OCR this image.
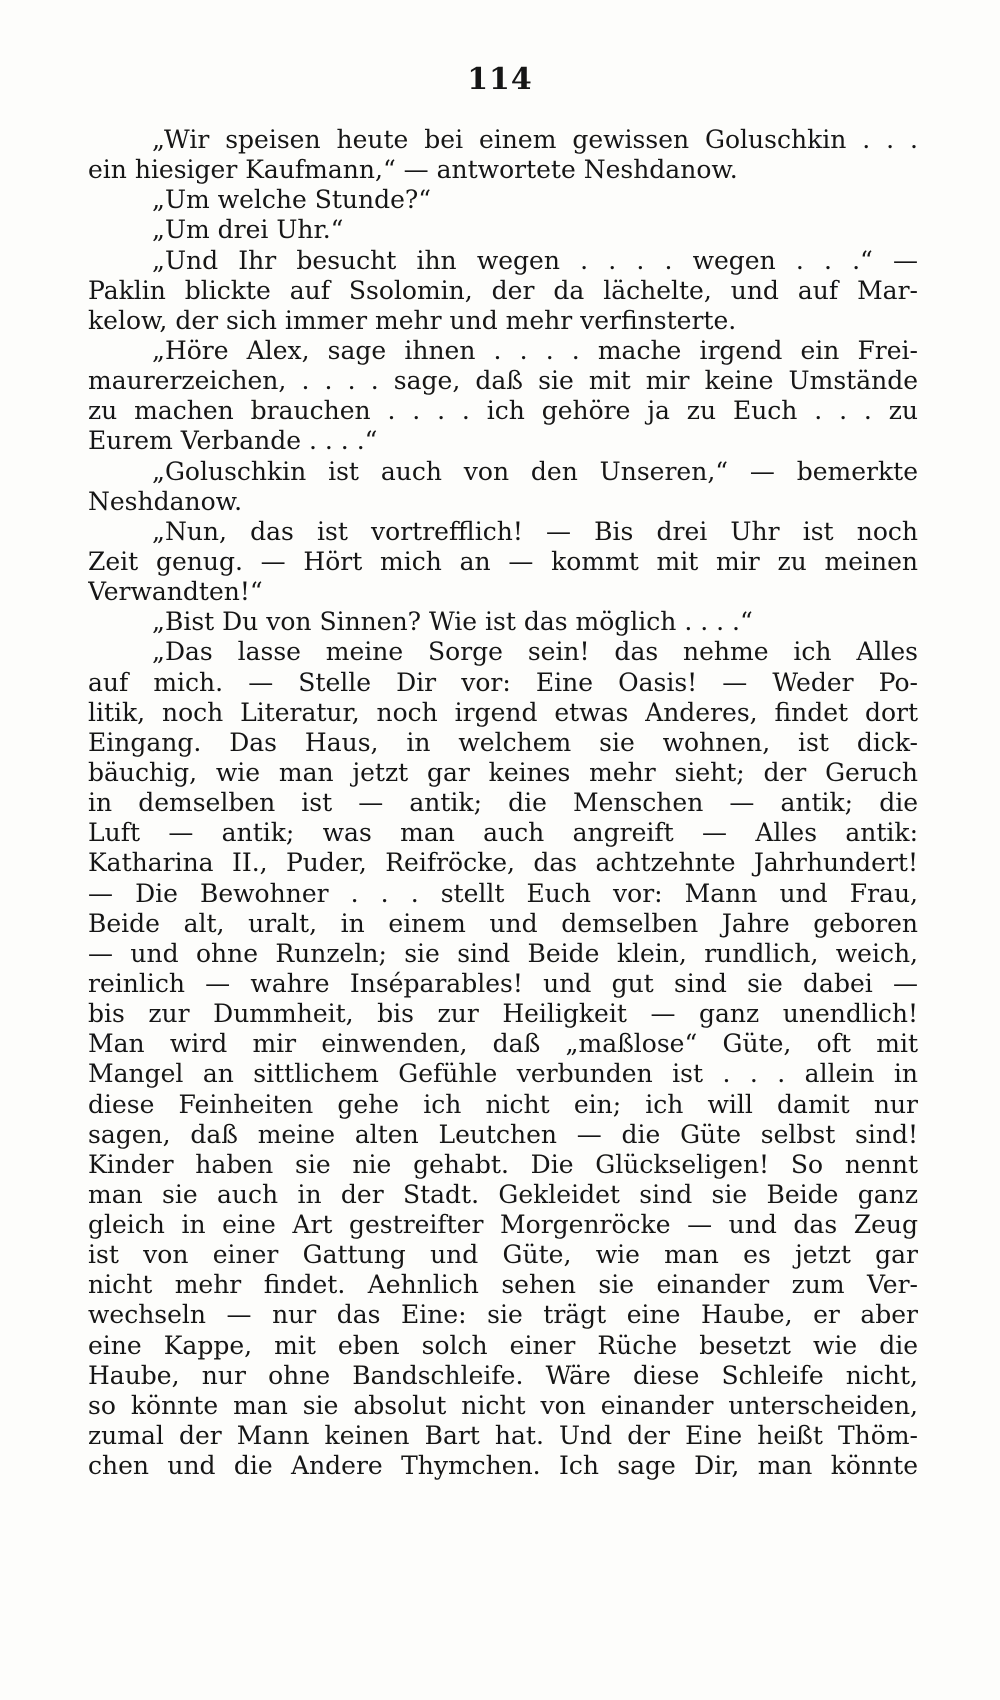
114
„Wir speisen heute bei einem gewissen Goluschkin . . .
ein hiesiger Kaufmann,“ — antwortete Neshdanow.
„Um welche Stunde?“
„Um drei Uhr.“
„Und Ihr besucht ihn wegen . . . . wegen . . .“ —
Paklin blickte auf Ssolomin, der da lächelte, und auf Mar-
kelow, der sich immer mehr und mehr verfinsterte.
„Höre Alex, sage ihnen . . . . mache irgend ein Frei-
maurerzeichen, . . . . sage, daß sie mit mir keine Umstände
zu machen brauchen . . . . ich gehöre ja zu Euch . . . zu
Eurem Verbande . . . .“
„Goluschkin ist auch von den Unseren,“ — bemerkte
Neshdanow.
„Nun, das ist vortrefflich! — Bis drei Uhr ist noch
Zeit genug. — Hört mich an — kommt mit mir zu meinen
Verwandten!“
„Bist Du von Sinnen? Wie ist das möglich . . . .“
„Das lasse meine Sorge sein! das nehme ich Alles
auf mich. — Stelle Dir vor: Eine Oasis! — Weder Po-
litik, noch Literatur, noch irgend etwas Anderes, findet dort
Eingang. Das Haus, in welchem sie wohnen, ist dick-
bäuchig, wie man jetzt gar keines mehr sieht; der Geruch
in demselben ist — antik; die Menschen — antik; die
Luft — antik; was man auch angreift — Alles antik:
Katharina II., Puder, Reifröcke, das achtzehnte Jahrhundert!
— Die Bewohner . . . stellt Euch vor: Mann und Frau,
Beide alt, uralt, in einem und demselben Jahre geboren
— und ohne Runzeln; sie sind Beide klein, rundlich, weich,
reinlich — wahre Inséparables! und gut sind sie dabei —
bis zur Dummheit, bis zur Heiligkeit — ganz unendlich!
Man wird mir einwenden, daß „maßlose“ Güte, oft mit
Mangel an sittlichem Gefühle verbunden ist . . . allein in
diese Feinheiten gehe ich nicht ein; ich will damit nur
sagen, daß meine alten Leutchen — die Güte selbst sind!
Kinder haben sie nie gehabt. Die Glückseligen! So nennt
man sie auch in der Stadt. Gekleidet sind sie Beide ganz
gleich in eine Art gestreifter Morgenröcke — und das Zeug
ist von einer Gattung und Güte, wie man es jetzt gar
nicht mehr findet. Aehnlich sehen sie einander zum Ver-
wechseln — nur das Eine: sie trägt eine Haube, er aber
eine Kappe, mit eben solch einer Rüche besetzt wie die
Haube, nur ohne Bandschleife. Wäre diese Schleife nicht,
so könnte man sie absolut nicht von einander unterscheiden,
zumal der Mann keinen Bart hat. Und der Eine heißt Thöm-
chen und die Andere Thymchen. Ich sage Dir, man könnte
